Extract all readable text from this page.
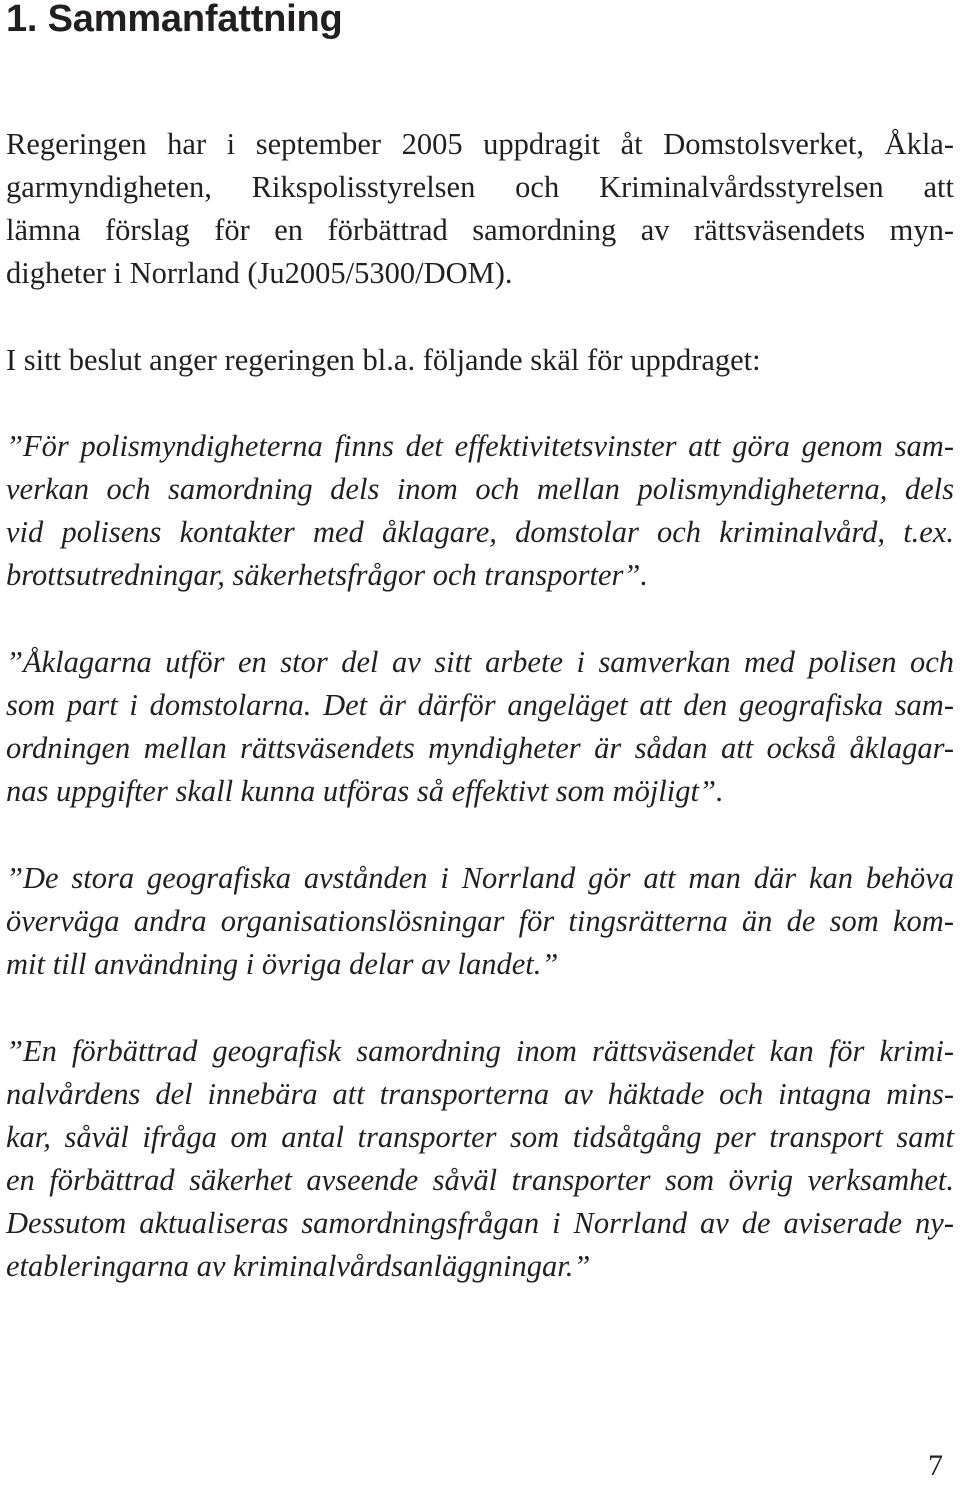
1. Sammanfattning
Regeringen har i september 2005 uppdragit åt Domstolsverket, Åkla-
garmyndigheten, Rikspolisstyrelsen och Kriminalvårdsstyrelsen att
lämna förslag för en förbättrad samordning av rättsväsendets myn-
digheter i Norrland (Ju2005/5300/DOM).
I sitt beslut anger regeringen bl.a. följande skäl för uppdraget:
”För polismyndigheterna finns det effektivitetsvinster att göra genom sam-
verkan och samordning dels inom och mellan polismyndigheterna, dels
vid polisens kontakter med åklagare, domstolar och kriminalvård, t.ex.
brottsutredningar, säkerhetsfrågor och transporter”.
”Åklagarna utför en stor del av sitt arbete i samverkan med polisen och
som part i domstolarna. Det är därför angeläget att den geografiska sam-
ordningen mellan rättsväsendets myndigheter är sådan att också åklagar-
nas uppgifter skall kunna utföras så effektivt som möjligt”.
”De stora geografiska avstånden i Norrland gör att man där kan behöva
överväga andra organisationslösningar för tingsrätterna än de som kom-
mit till användning i övriga delar av landet.”
”En förbättrad geografisk samordning inom rättsväsendet kan för krimi-
nalvårdens del innebära att transporterna av häktade och intagna mins-
kar, såväl ifråga om antal transporter som tidsåtgång per transport samt
en förbättrad säkerhet avseende såväl transporter som övrig verksamhet.
Dessutom aktualiseras samordningsfrågan i Norrland av de aviserade ny-
etableringarna av kriminalvårdsanläggningar.”
7
